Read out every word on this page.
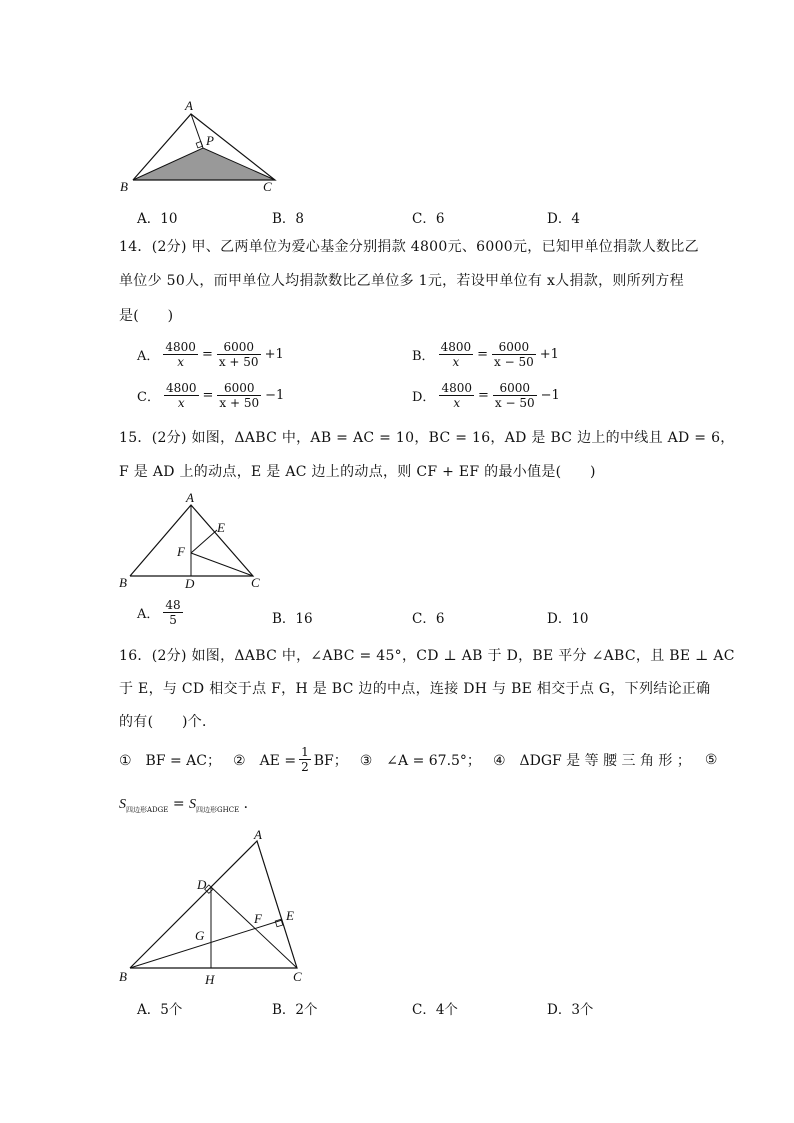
A
P
B	C
A．10	B．8	C．6	D．4
14．(2分) 甲、乙两单位为爱心基金分别捐款 4800元、6000元，已知甲单位捐款人数比乙
单位少 50人，而甲单位人均捐款数比乙单位多 1元，若设甲单位有 x人捐款，则所列方程
是(　　)
A． $\frac{4800}{x} = \frac{6000}{x + 50} +1$	B． $\frac{4800}{x} = \frac{6000}{x - 50} +1$
C． $\frac{4800}{x} = \frac{6000}{x + 50} -1$	D． $\frac{4800}{x} = \frac{6000}{x - 50} -1$
15．(2分) 如图，ΔABC 中，AB = AC = 10，BC = 16，AD 是 BC 边上的中线且 AD = 6，
F 是 AD 上的动点，E 是 AC 边上的动点，则 CF + EF 的最小值是(　　)
A
E
F
B	D	C
A． $\frac{48}{5}$	B．16	C．6	D．10
16．(2分) 如图，ΔABC 中，∠ABC = 45°，CD ⊥ AB 于 D，BE 平分 ∠ABC，且 BE ⊥ AC
于 E，与 CD 相交于点 F，H 是 BC 边的中点，连接 DH 与 BE 相交于点 G，下列结论正确
的有(　　)个．
①　BF = AC； ②　AE = $\frac{1}{2}$ BF； ③　∠A = 67.5°； ④　ΔDGF 是 等 腰 三 角 形 ； ⑤
$S_{四边形ADGE} = S_{四边形GHCE}$ ．
A
D
F E
G
B	H	C
A．5个	B．2个	C．4个	D．3个
